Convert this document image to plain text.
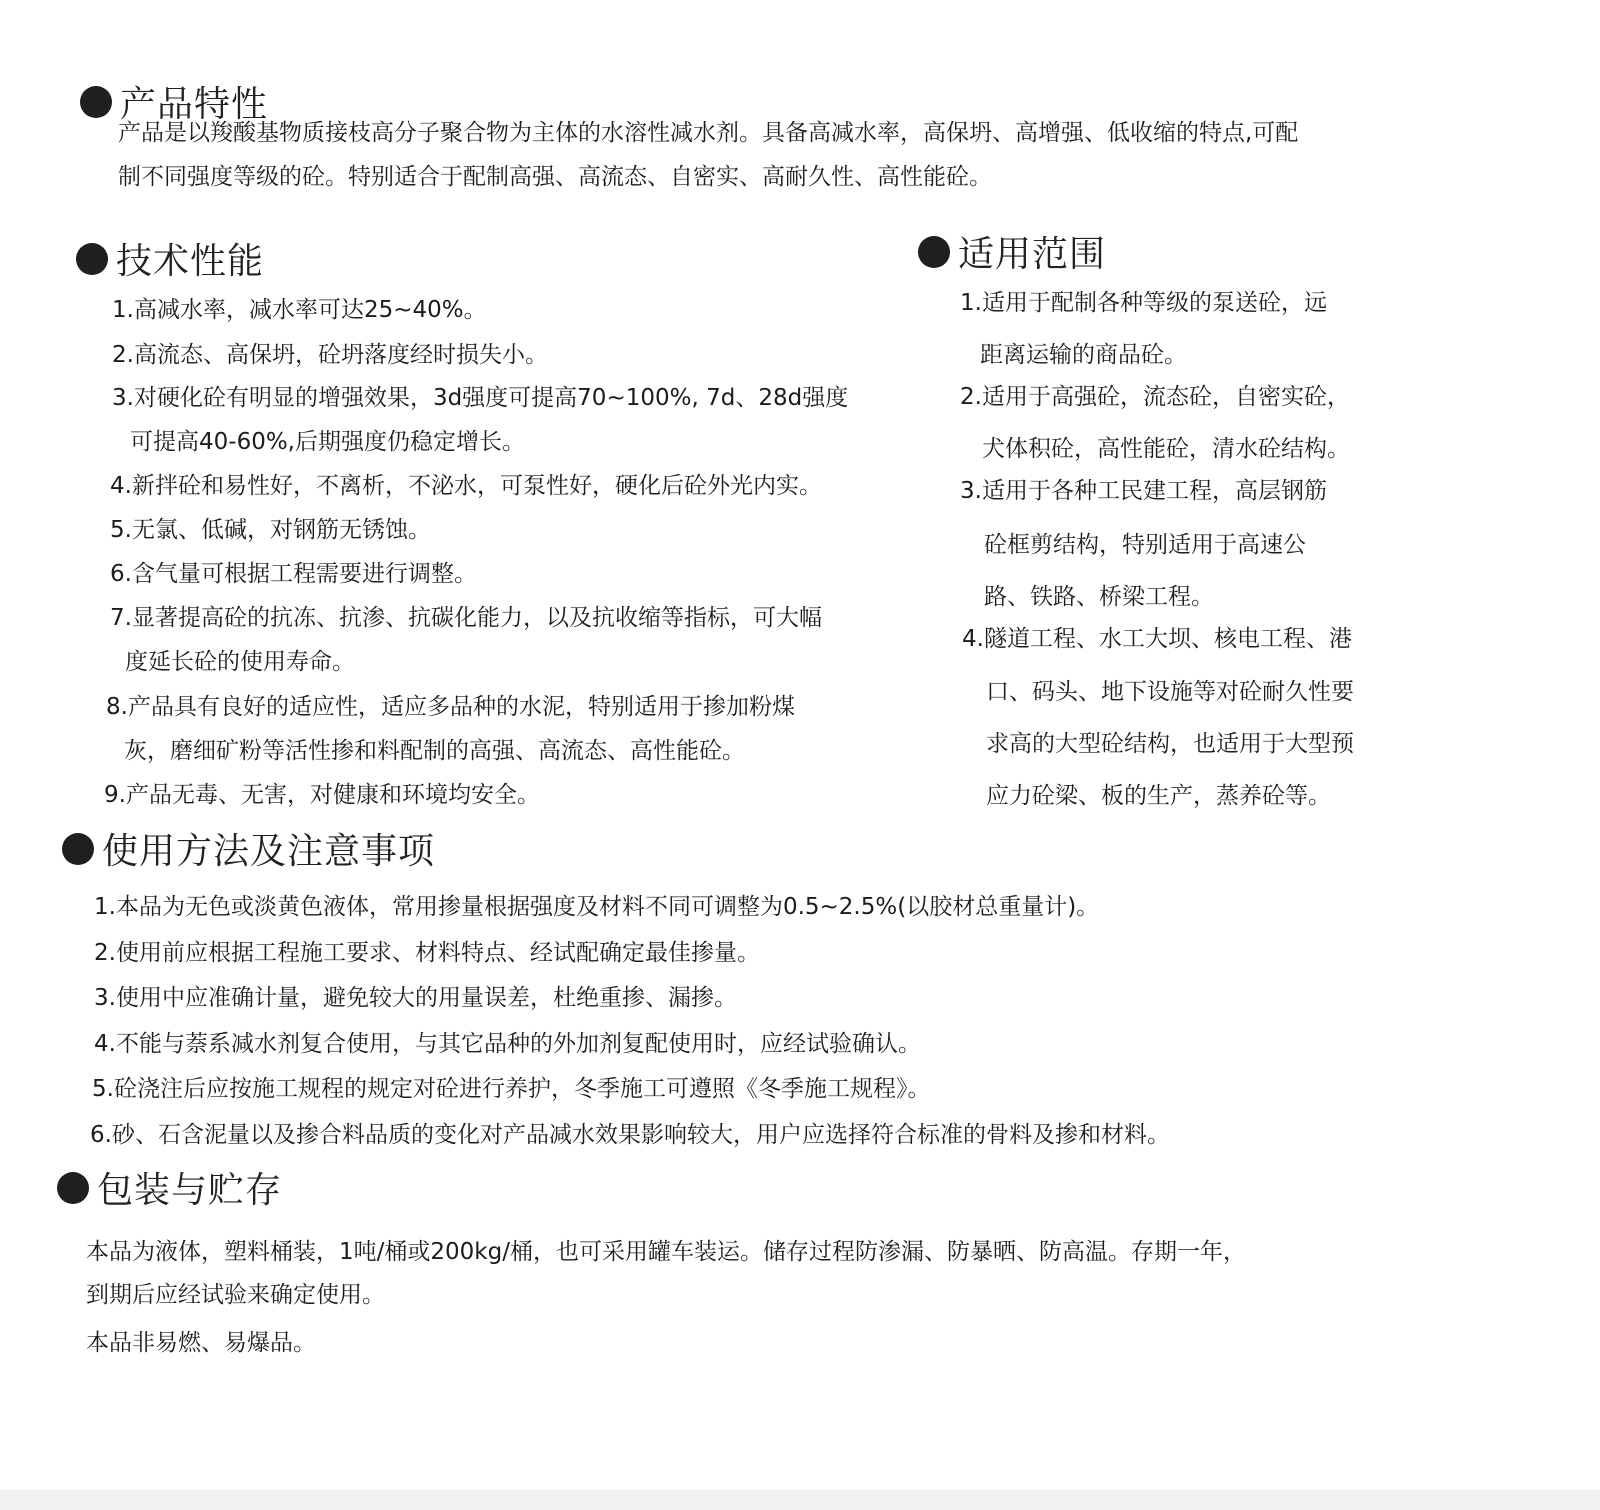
产品特性
产品是以羧酸基物质接枝高分子聚合物为主体的水溶性减水剂。具备高减水率，高保坍、高增强、低收缩的特点,可配
制不同强度等级的砼。特别适合于配制高强、高流态、自密实、高耐久性、高性能砼。
技术性能
1.高减水率，减水率可达25~40%。
2.高流态、高保坍，砼坍落度经时损失小。
3.对硬化砼有明显的增强效果，3d强度可提高70~100%, 7d、28d强度
可提高40-60%,后期强度仍稳定增长。
4.新拌砼和易性好，不离析，不泌水，可泵性好，硬化后砼外光内实。
5.无氯、低碱，对钢筋无锈蚀。
6.含气量可根据工程需要进行调整。
7.显著提高砼的抗冻、抗渗、抗碳化能力，以及抗收缩等指标，可大幅
度延长砼的使用寿命。
8.产品具有良好的适应性，适应多品种的水泥，特别适用于掺加粉煤
灰，磨细矿粉等活性掺和料配制的高强、高流态、高性能砼。
9.产品无毒、无害，对健康和环境均安全。
适用范围
1.适用于配制各种等级的泵送砼，远
距离运输的商品砼。
2.适用于高强砼，流态砼，自密实砼，
犬体积砼，高性能砼，清水砼结构。
3.适用于各种工民建工程，高层钢筋
砼框剪结构，特别适用于高速公
路、铁路、桥梁工程。
4.隧道工程、水工大坝、核电工程、港
口、码头、地下设施等对砼耐久性要
求高的大型砼结构，也适用于大型预
应力砼梁、板的生产，蒸养砼等。
使用方法及注意事项
1.本品为无色或淡黄色液体，常用掺量根据强度及材料不同可调整为0.5~2.5%(以胶材总重量计)。
2.使用前应根据工程施工要求、材料特点、经试配确定最佳掺量。
3.使用中应准确计量，避免较大的用量误差，杜绝重掺、漏掺。
4.不能与萘系减水剂复合使用，与其它品种的外加剂复配使用时，应经试验确认。
5.砼浇注后应按施工规程的规定对砼进行养护，冬季施工可遵照《冬季施工规程》。
6.砂、石含泥量以及掺合料品质的变化对产品减水效果影响较大，用户应选择符合标准的骨料及掺和材料。
包装与贮存
本品为液体，塑料桶装，1吨/桶或200kg/桶，也可采用罐车装运。储存过程防渗漏、防暴晒、防高温。存期一年，
到期后应经试验来确定使用。
本品非易燃、易爆品。
